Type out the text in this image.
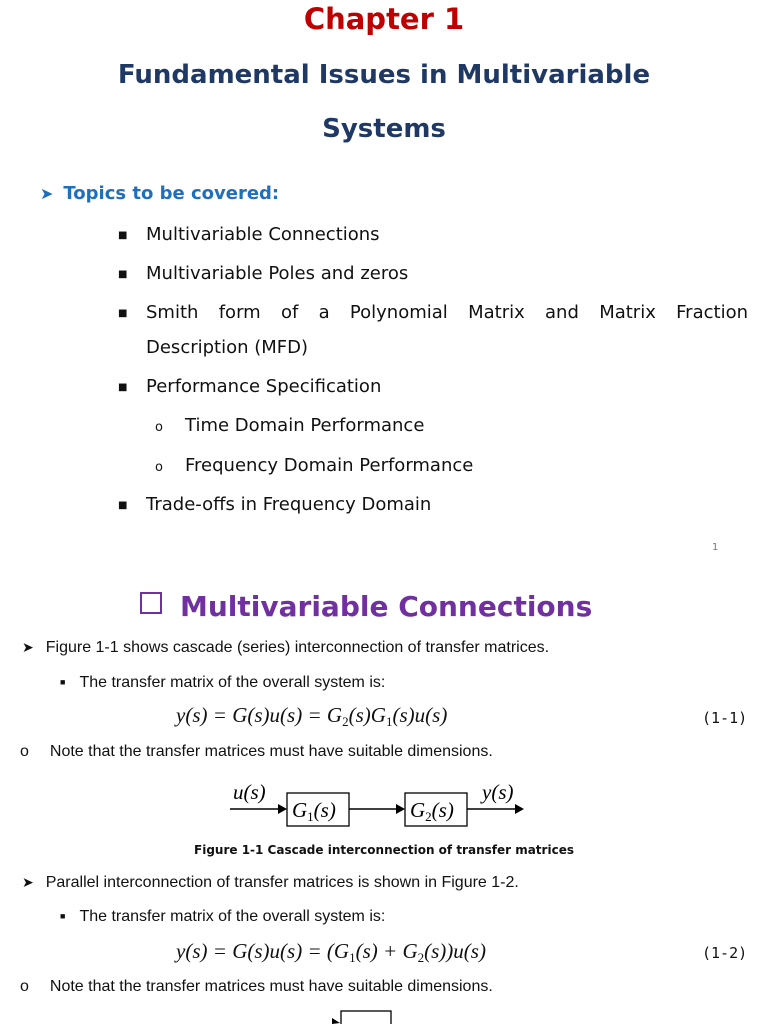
Chapter 1
Fundamental Issues in Multivariable
Systems
➤ Topics to be covered:
■ Multivariable Connections
■ Multivariable Poles and zeros
■	Smith form of a Polynomial Matrix and Matrix Fraction
Description (MFD)
■ Performance Specification
o Time Domain Performance
o Frequency Domain Performance
■ Trade-offs in Frequency Domain
1
Multivariable Connections
➤ Figure 1-1 shows cascade (series) interconnection of transfer matrices.
■ The transfer matrix of the overall system is:
$y(s) = G(s)u(s) = G_2(s)G_1(s)u(s)$	(1-1)
o Note that the transfer matrices must have suitable dimensions.
u(s)
G1(s)	G2(s)
y(s)
Figure 1-1 Cascade interconnection of transfer matrices
➤ Parallel interconnection of transfer matrices is shown in Figure 1-2.
■ The transfer matrix of the overall system is:
$y(s) = G(s)u(s) = (G_1(s) + G_2(s))u(s)$	(1-2)
o Note that the transfer matrices must have suitable dimensions.
